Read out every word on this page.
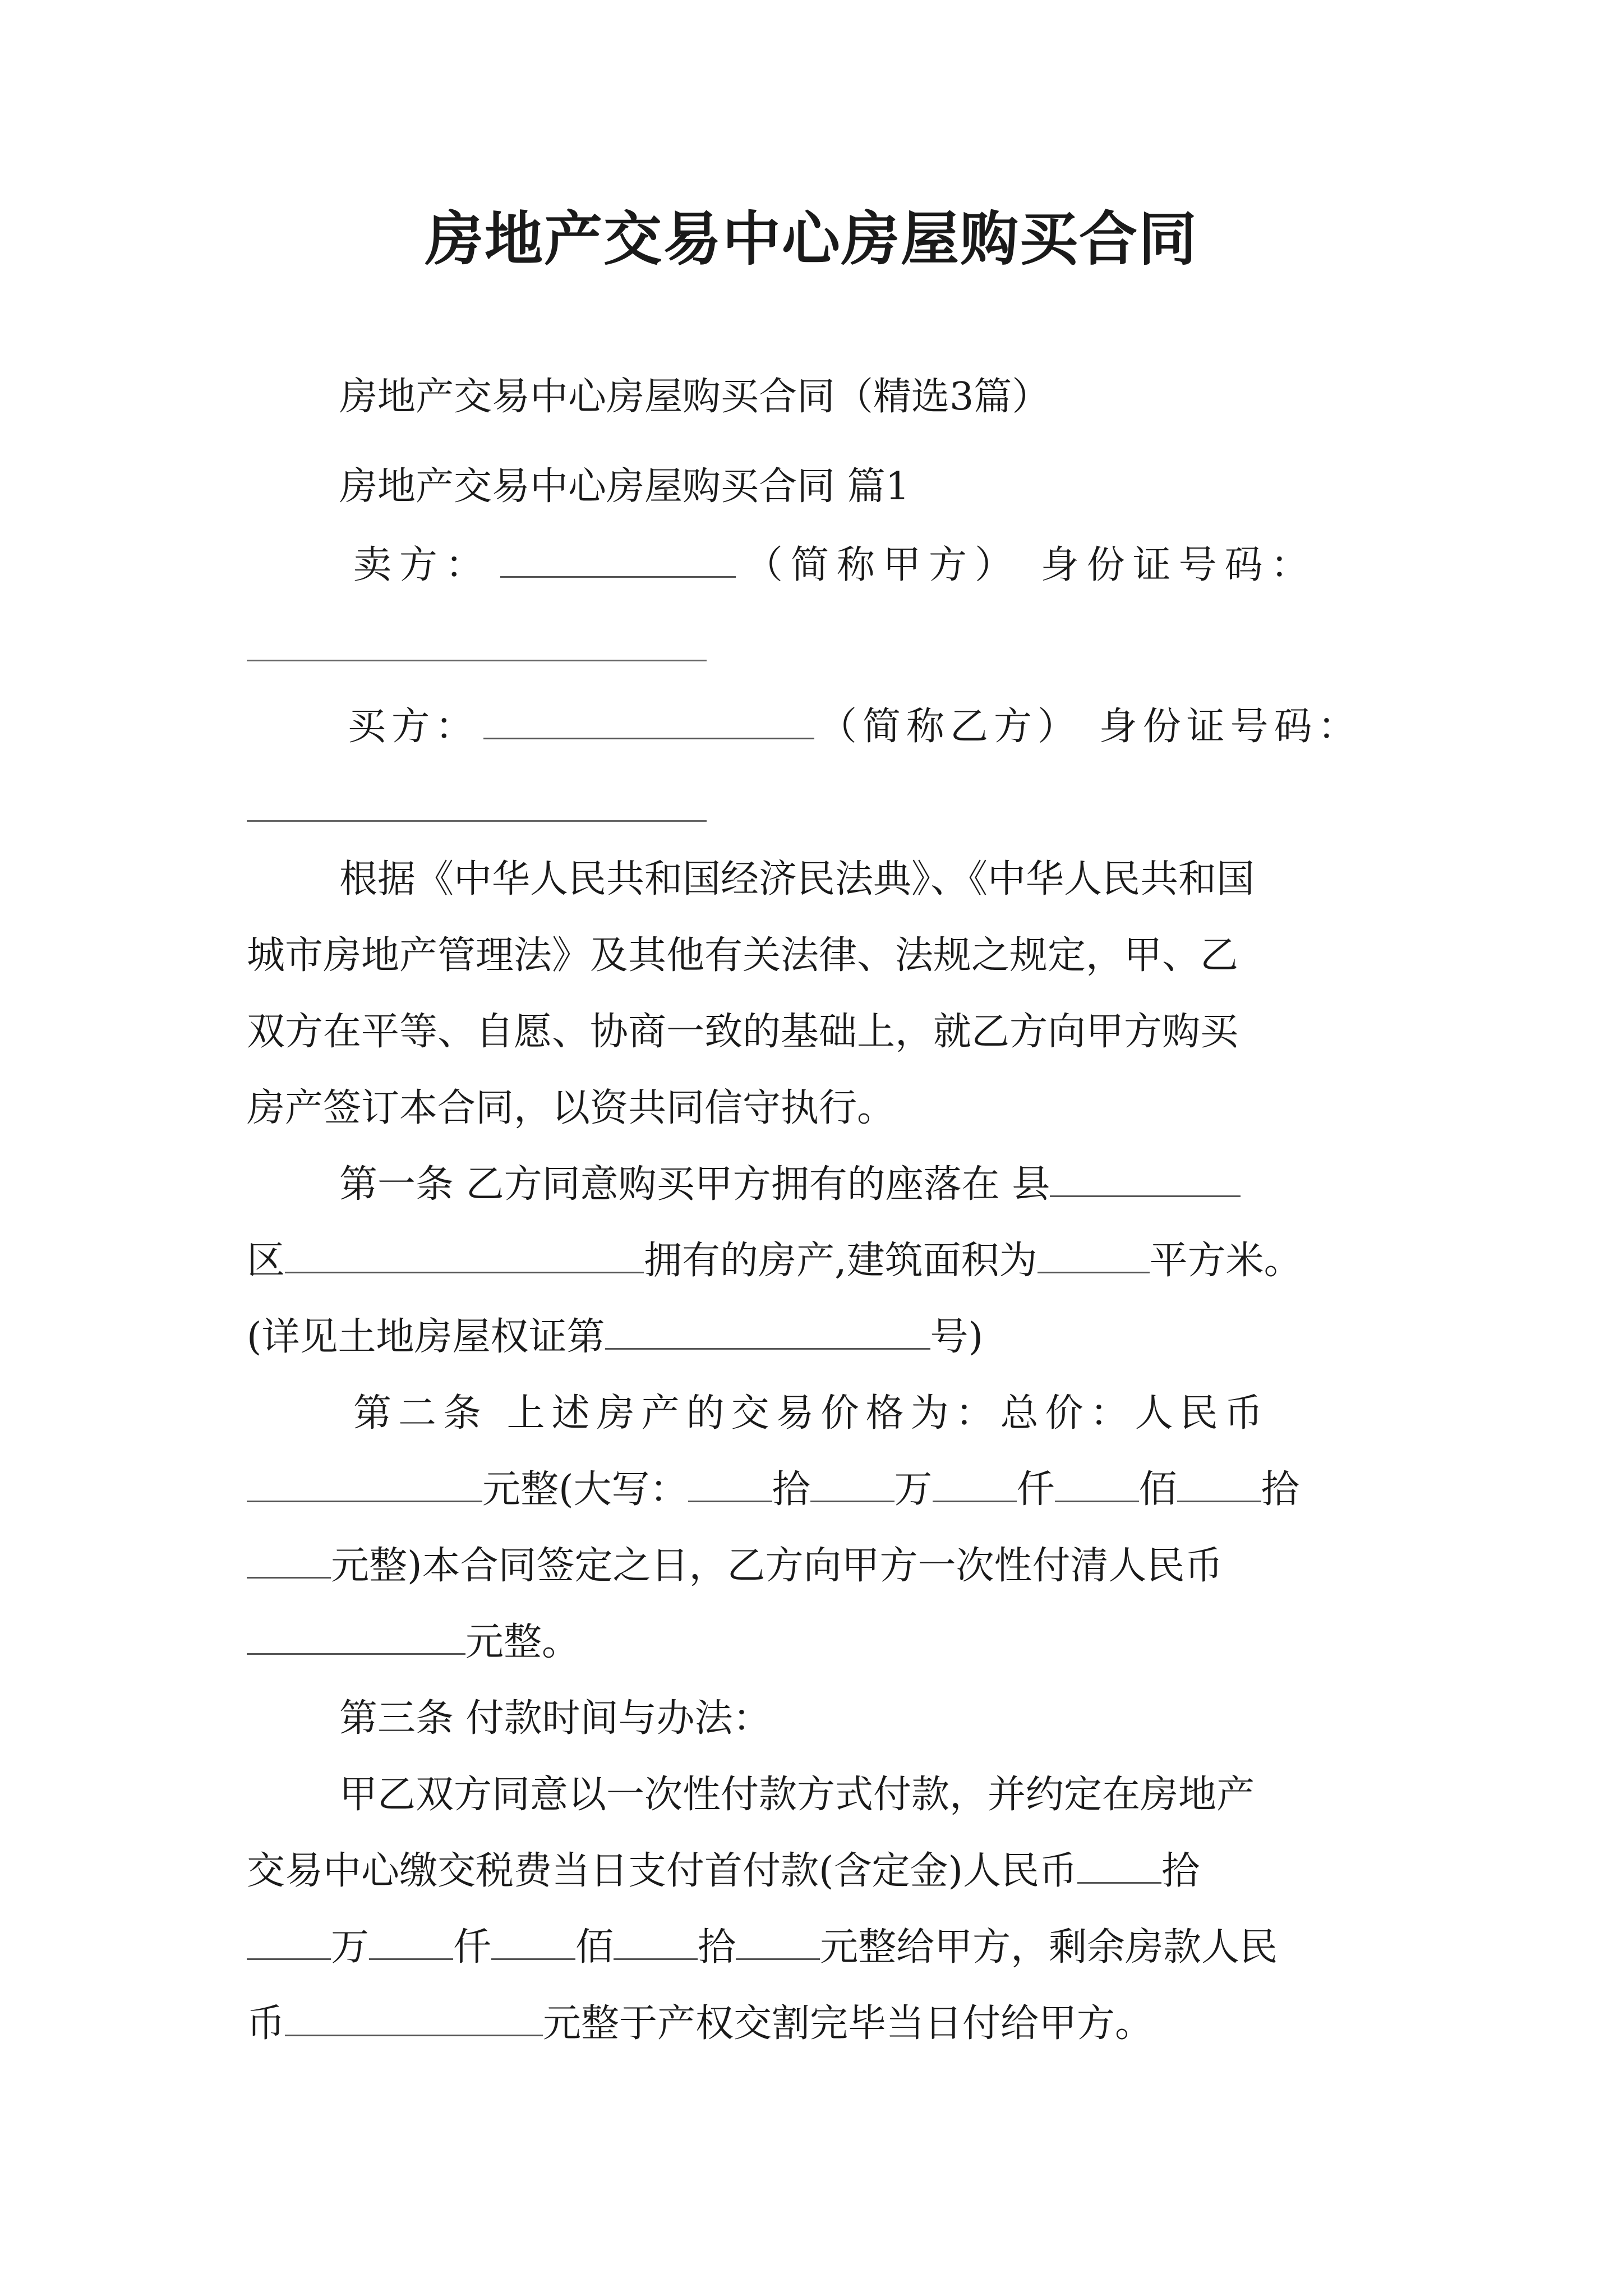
房地产交易中心房屋购买合同
房地产交易中心房屋购买合同（精选3篇）
房地产交易中心房屋购买合同 篇1
卖方：	（简称甲方） 身份证号码：
买方：	（简称乙方） 身份证号码：
根据《中华人民共和国经济民法典》、《中华人民共和国
城市房地产管理法》及其他有关法律、法规之规定，甲、乙
双方在平等、自愿、协商一致的基础上，就乙方向甲方购买
房产签订本合同，以资共同信守执行。
第一条 乙方同意购买甲方拥有的座落在 县
区	拥有的房产,建筑面积为	平方米。
(详见土地房屋权证第	号)
第二条 上述房产的交易价格为：总价：人民币
元整(大写： 拾 万 仟 佰 拾
元整)本合同签定之日，乙方向甲方一次性付清人民币
元整。
第三条 付款时间与办法：
甲乙双方同意以一次性付款方式付款，并约定在房地产
交易中心缴交税费当日支付首付款(含定金)人民币 拾
万 仟 佰 拾 元整给甲方，剩余房款人民
币	元整于产权交割完毕当日付给甲方。
